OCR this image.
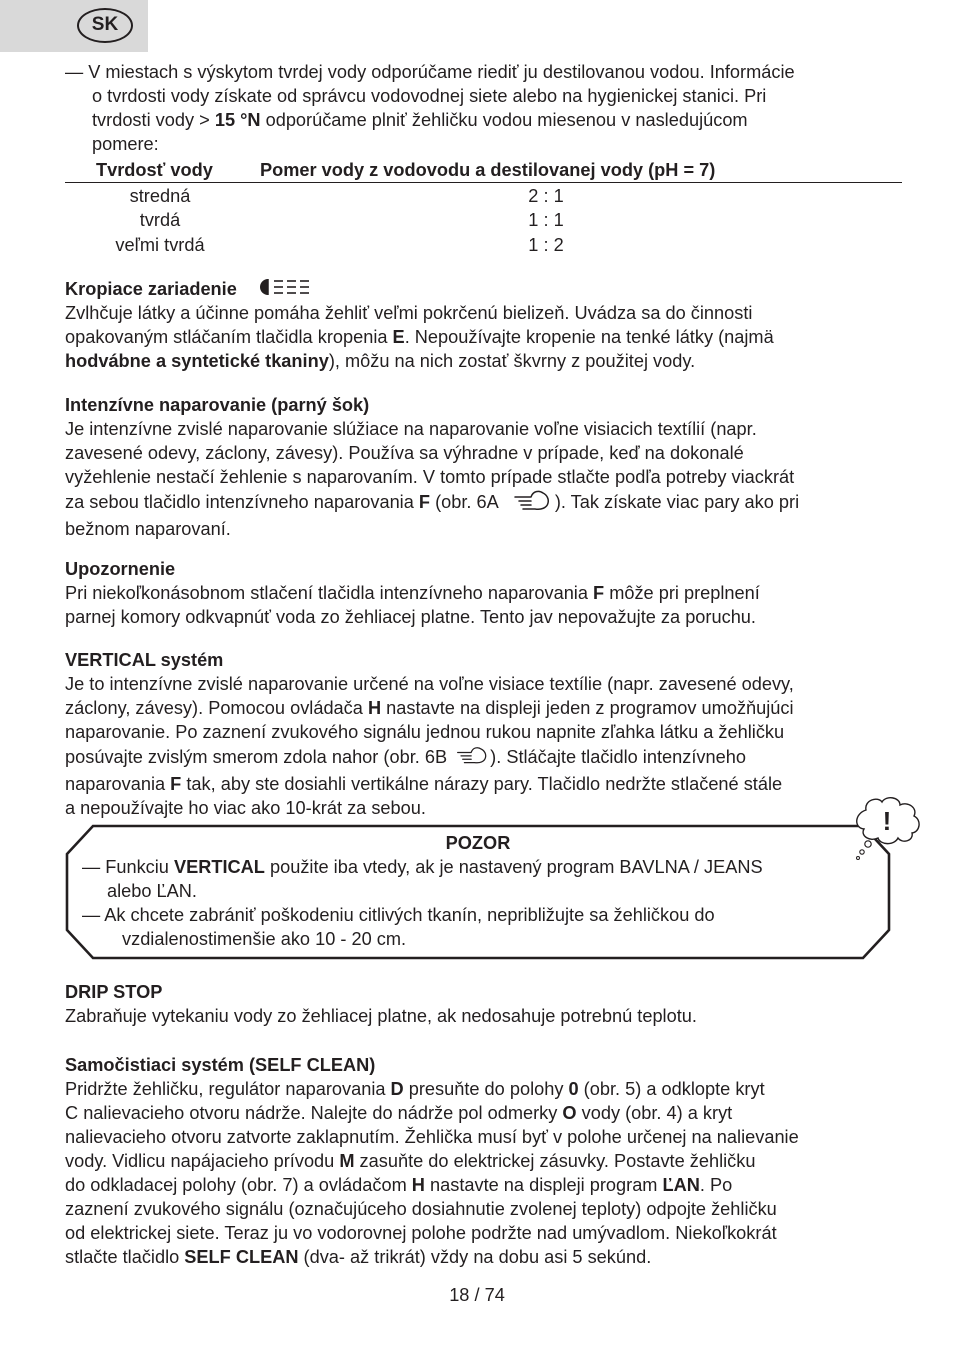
SK

— V miestach s výskytom tvrdej vody odporúčame riediť ju destilovanou vodou. Informácie

o tvrdosti vody získate od správcu vodovodnej siete alebo na hygienickej stanici. Pri

tvrdosti vody > 15 °N odporúčame plniť žehličku vodou miesenou v nasledujúcom

pomere:

Tvrdosť vody	Pomer vody z vodovodu a destilovanej vody (pH = 7)
stredná	2 : 1
tvrdá	1 : 1
veľmi tvrdá	1 : 2

Kropiace zariadenie

Zvlhčuje látky a účinne pomáha žehliť veľmi pokrčenú bielizeň. Uvádza sa do činnosti
opakovaným stláčaním tlačidla kropenia E. Nepoužívajte kropenie na tenké látky (najmä
hodvábne a syntetické tkaniny), môžu na nich zostať škvrny z použitej vody.

Intenzívne naparovanie (parný šok)

Je intenzívne zvislé naparovanie slúžiace na naparovanie voľne visiacich textílií (napr.
zavesené odevy, záclony, závesy). Používa sa výhradne v prípade, keď na dokonalé
vyžehlenie nestačí žehlenie s naparovaním. V tomto prípade stlačte podľa potreby viackrát
za sebou tlačidlo intenzívneho naparovania F (obr. 6A	). Tak získate viac pary ako pri
bežnom naparovaní.

Upozornenie

Pri niekoľkonásobnom stlačení tlačidla intenzívneho naparovania F môže pri preplnení
parnej komory odkvapnúť voda zo žehliacej platne. Tento jav nepovažujte za poruchu.

VERTICAL systém

Je to intenzívne zvislé naparovanie určené na voľne visiace textílie (napr. zavesené odevy,
záclony, závesy). Pomocou ovládača H nastavte na displeji jeden z programov umožňujúci
naparovanie. Po zaznení zvukového signálu jednou rukou napnite zľahka látku a žehličku
posúvajte zvislým smerom zdola nahor (obr. 6B ). Stláčajte tlačidlo intenzívneho
naparovania F tak, aby ste dosiahli vertikálne nárazy pary. Tlačidlo nedržte stlačené stále
a nepoužívajte ho viac ako 10-krát za sebou.

POZOR

— Funkciu VERTICAL použite iba vtedy, ak je nastavený program BAVLNA / JEANS

alebo ĽAN.

— Ak chcete zabrániť poškodeniu citlivých tkanín, nepribližujte sa žehličkou do

vzdialenostimenšie ako 10 - 20 cm.

!

DRIP STOP

Zabraňuje vytekaniu vody zo žehliacej platne, ak nedosahuje potrebnú teplotu.

Samočistiaci systém (SELF CLEAN)

Pridržte žehličku, regulátor naparovania D presuňte do polohy 0 (obr. 5) a odklopte kryt
C nalievacieho otvoru nádrže. Nalejte do nádrže pol odmerky O vody (obr. 4) a kryt
nalievacieho otvoru zatvorte zaklapnutím. Žehlička musí byť v polohe určenej na nalievanie
vody. Vidlicu napájacieho prívodu M zasuňte do elektrickej zásuvky. Postavte žehličku
do odkladacej polohy (obr. 7) a ovládačom H nastavte na displeji program ĽAN. Po
zaznení zvukového signálu (označujúceho dosiahnutie zvolenej teploty) odpojte žehličku
od elektrickej siete. Teraz ju vo vodorovnej polohe podržte nad umývadlom. Niekoľkokrát
stlačte tlačidlo SELF CLEAN (dva- až trikrát) vždy na dobu asi 5 sekúnd.

18 / 74
